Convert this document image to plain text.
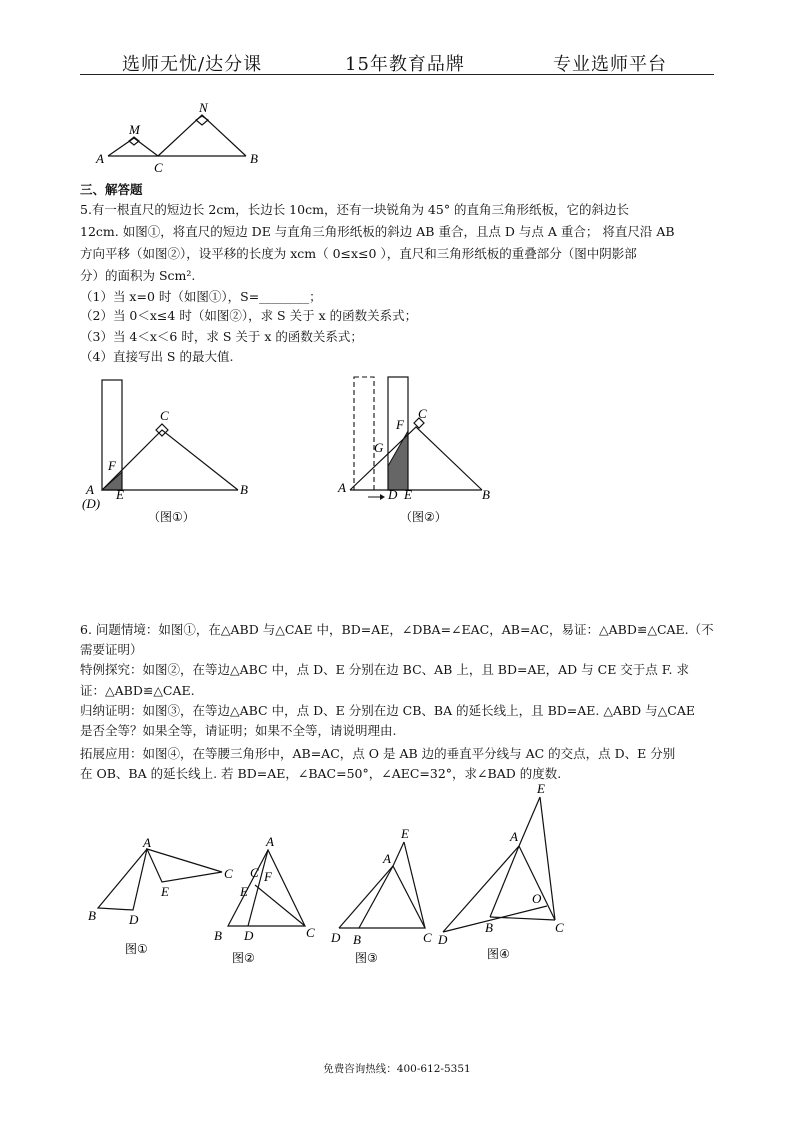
选师无忧/达分课	15年教育品牌	专业选师平台
N
M
A
C
B
三、解答题
5.有一根直尺的短边长 2cm，长边长 10cm，还有一块锐角为 45° 的直角三角形纸板，它的斜边长
12cm. 如图①，将直尺的短边 DE 与直角三角形纸板的斜边 AB 重合，且点 D 与点 A 重合； 将直尺沿 AB
方向平移（如图②），设平移的长度为 xcm（ 0≤x≤0 ），直尺和三角形纸板的重叠部分（图中阴影部
分）的面积为 Scm².
（1）当 x=0 时（如图①），S=________；
（2）当 0＜x≤4 时（如图②），求 S 关于 x 的函数关系式；
（3）当 4＜x＜6 时，求 S 关于 x 的函数关系式；
（4）直接写出 S 的最大值.
C
F
A
(D)
E	B
（图①）
C
F
G
A	D E	B
（图②）
6. 问题情境：如图①，在△ABD 与△CAE 中，BD=AE，∠DBA=∠EAC，AB=AC，易证：△ABD≌△CAE.（不
需要证明）
特例探究：如图②，在等边△ABC 中，点 D、E 分别在边 BC、AB 上，且 BD=AE，AD 与 CE 交于点 F. 求
证：△ABD≌△CAE.
归纳证明：如图③，在等边△ABC 中，点 D、E 分别在边 CB、BA 的延长线上，且 BD=AE. △ABD 与△CAE
是否全等？如果全等，请证明；如果不全等，请说明理由.
拓展应用：如图④，在等腰三角形中，AB=AC，点 O 是 AB 边的垂直平分线与 AC 的交点，点 D、E 分别
在 OB、BA 的延长线上. 若 BD=AE，∠BAC=50°，∠AEC=32°，求∠BAD 的度数.
A
C
E
B	D
图①
A
C F
E
B D	C
图②
E
A
D B	C
图③
E
A
O
B	C
D
图④
免费咨询热线：400-612-5351
